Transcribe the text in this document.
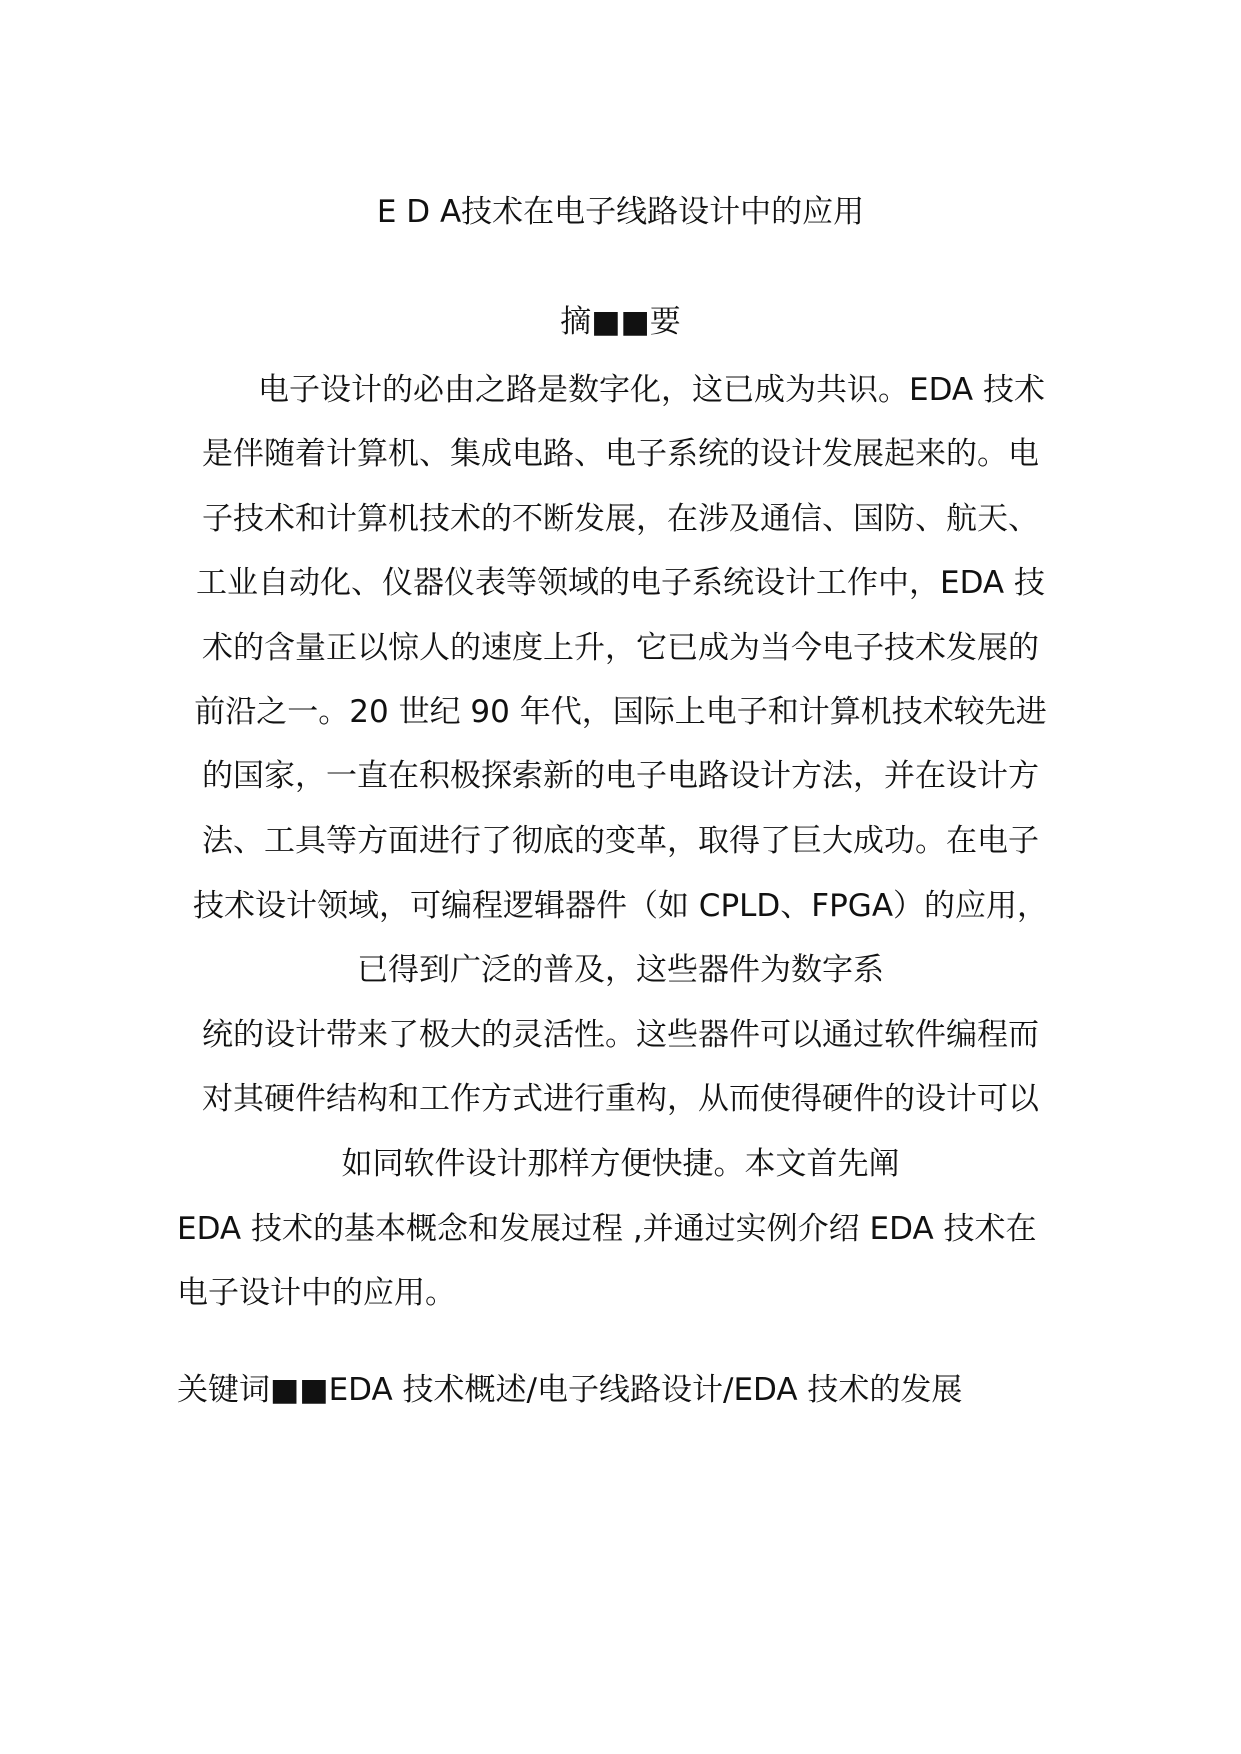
E D A技术在电子线路设计中的应用
摘■■要
电子设计的必由之路是数字化，这已成为共识。EDA 技术
是伴随着计算机、集成电路、电子系统的设计发展起来的。电
子技术和计算机技术的不断发展，在涉及通信、国防、航天、
工业自动化、仪器仪表等领域的电子系统设计工作中，EDA 技
术的含量正以惊人的速度上升，它已成为当今电子技术发展的
前沿之一。20 世纪 90 年代，国际上电子和计算机技术较先进
的国家，一直在积极探索新的电子电路设计方法，并在设计方
法、工具等方面进行了彻底的变革，取得了巨大成功。在电子
技术设计领域，可编程逻辑器件（如 CPLD、FPGA）的应用，
已得到广泛的普及，这些器件为数字系
统的设计带来了极大的灵活性。这些器件可以通过软件编程而
对其硬件结构和工作方式进行重构，从而使得硬件的设计可以
如同软件设计那样方便快捷。本文首先阐
EDA 技术的基本概念和发展过程 ,并通过实例介绍 EDA 技术在
电子设计中的应用。
关键词■■EDA 技术概述/电子线路设计/EDA 技术的发展
